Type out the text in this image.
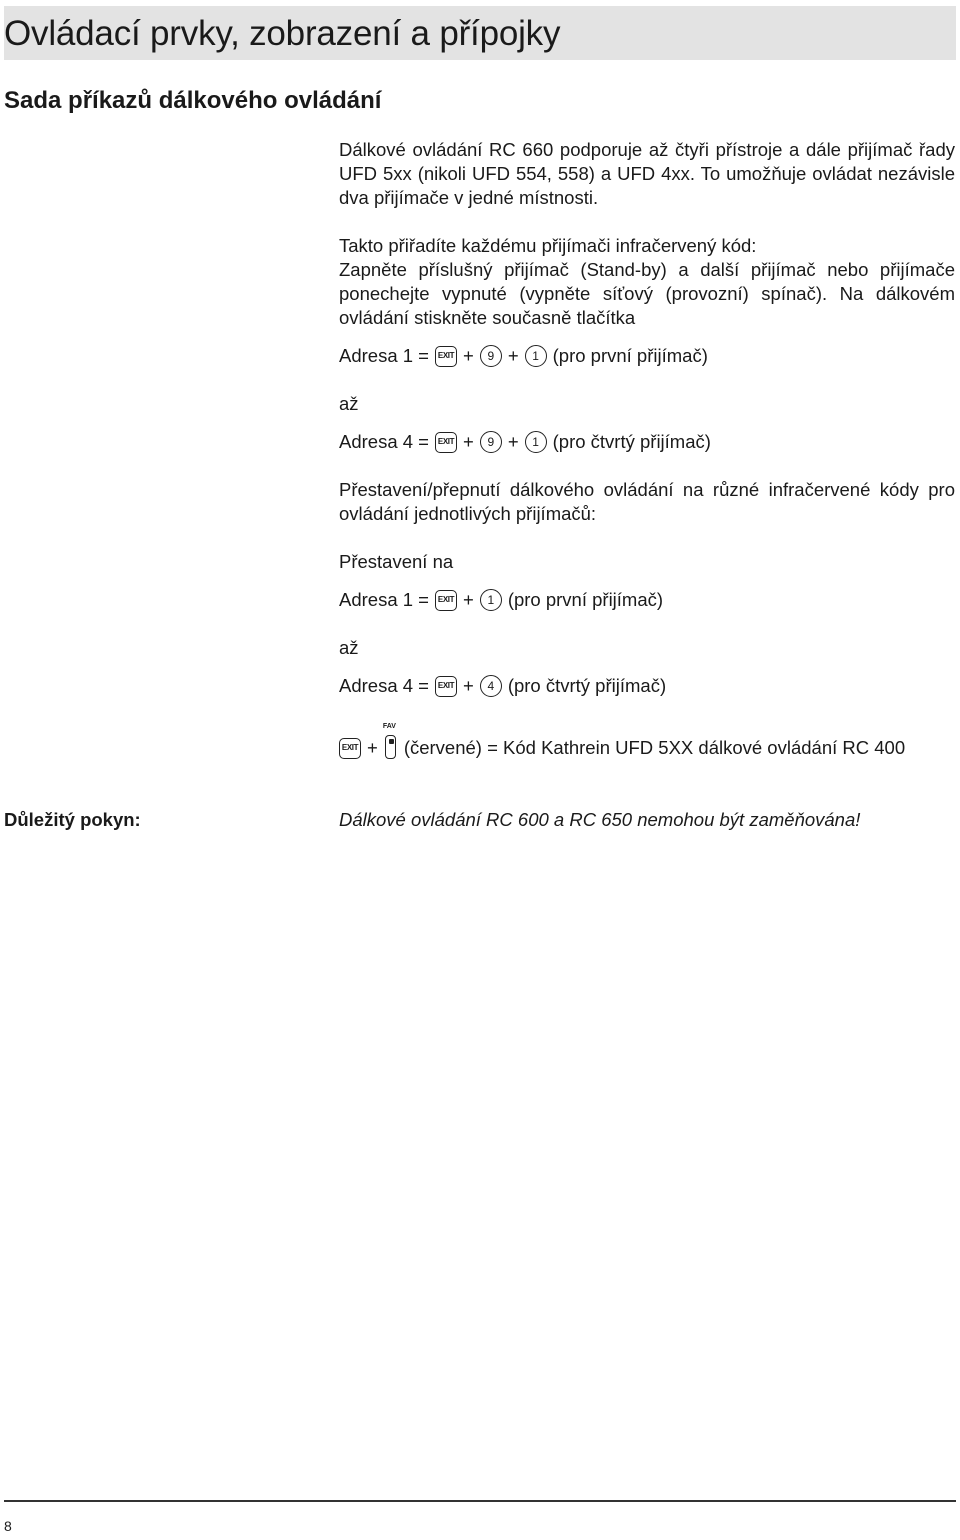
Ovládací prvky, zobrazení a přípojky
Sada příkazů dálkového ovládání

Dálkové ovládání RC 660 podporuje až čtyři přístroje a dále přijímač řady UFD 5xx (nikoli UFD 554, 558) a UFD 4xx. To umožňuje ovládat nezávisle dva přijímače v jedné místnosti.

Takto přiřadíte každému přijímači infračervený kód:

Zapněte příslušný přijímač (Stand-by) a další přijímač nebo přijímače ponechejte vypnuté (vypněte síťový (provozní) spínač). Na dálkovém ovládání stiskněte současně tlačítka

Adresa 1 =	EXIT +	9 +	1 (pro první přijímač)

až

Adresa 4 =	EXIT +	9 +	1 (pro čtvrtý přijímač)

Přestavení/přepnutí dálkového ovládání na různé infračervené kódy pro ovládání jednotlivých přijímačů:

Přestavení na

Adresa 1 =	EXIT +	1 (pro první přijímač)

až

Adresa 4 =	EXIT +	4 (pro čtvrtý přijímač)
EXIT +
FAV
(červené) = Kód Kathrein UFD 5XX dálkové ovládání RC 400

Důležitý pokyn:	Dálkové ovládání RC 600 a RC 650 nemohou být zaměňována!

8
